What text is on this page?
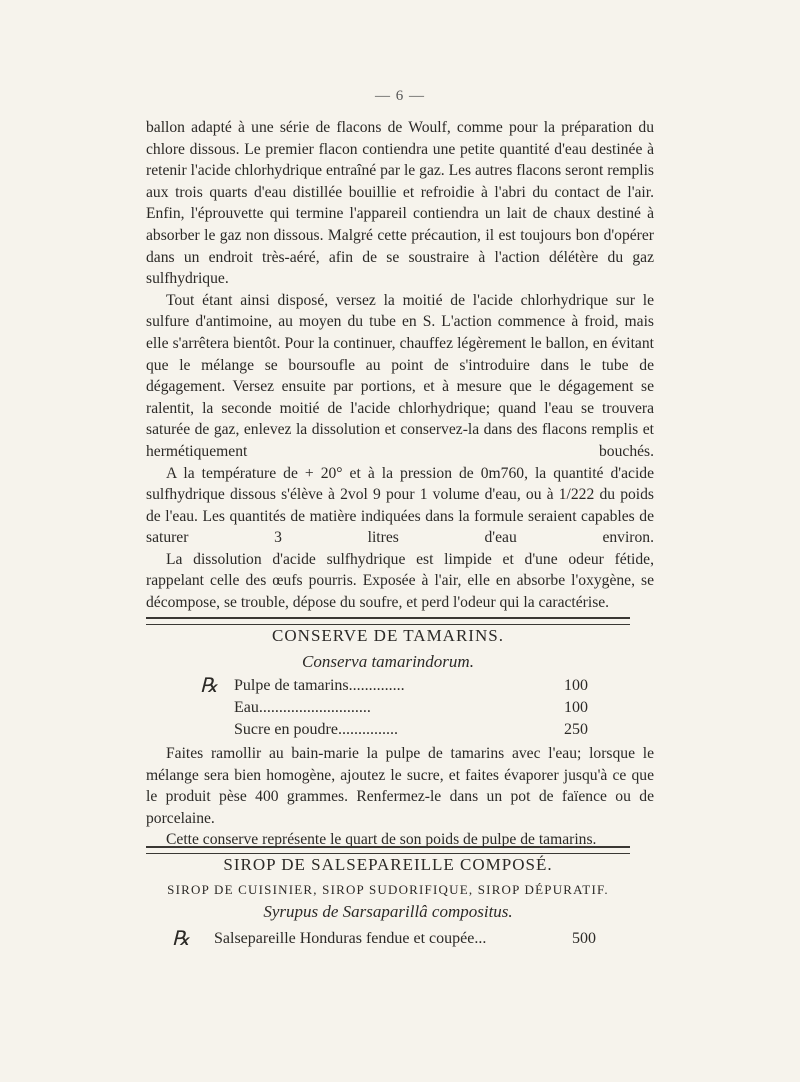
— 6 —

ballon adapté à une série de flacons de Woulf, comme pour la préparation du chlore dissous. Le premier flacon contiendra une petite quantité d'eau destinée à retenir l'acide chlorhydrique entraîné par le gaz. Les autres flacons seront remplis aux trois quarts d'eau distillée bouillie et refroidie à l'abri du contact de l'air. Enfin, l'éprouvette qui termine l'appareil contiendra un lait de chaux destiné à absorber le gaz non dissous. Malgré cette précaution, il est toujours bon d'opérer dans un endroit très-aéré, afin de se soustraire à l'action délétère du gaz sulfhydrique.

Tout étant ainsi disposé, versez la moitié de l'acide chlorhydrique sur le sulfure d'antimoine, au moyen du tube en S. L'action commence à froid, mais elle s'arrêtera bientôt. Pour la continuer, chauffez légèrement le ballon, en évitant que le mélange se boursoufle au point de s'introduire dans le tube de dégagement. Versez ensuite par portions, et à mesure que le dégagement se ralentit, la seconde moitié de l'acide chlorhydrique; quand l'eau se trouvera saturée de gaz, enlevez la dissolution et conservez-la dans des flacons remplis et hermétiquement bouchés.

A la température de + 20° et à la pression de 0m760, la quantité d'acide sulfhydrique dissous s'élève à 2vol 9 pour 1 volume d'eau, ou à 1/222 du poids de l'eau. Les quantités de matière indiquées dans la formule seraient capables de saturer 3 litres d'eau environ.

La dissolution d'acide sulfhydrique est limpide et d'une odeur fétide, rappelant celle des œufs pourris. Exposée à l'air, elle en absorbe l'oxygène, se décompose, se trouble, dépose du soufre, et perd l'odeur qui la caractérise.

CONSERVE DE TAMARINS.
Conserva tamarindorum.
℞ Pulpe de tamarins..............	100
Eau............................	100
Sucre en poudre...............	250

Faites ramollir au bain-marie la pulpe de tamarins avec l'eau; lorsque le mélange sera bien homogène, ajoutez le sucre, et faites évaporer jusqu'à ce que le produit pèse 400 grammes. Renfermez-le dans un pot de faïence ou de porcelaine.

Cette conserve représente le quart de son poids de pulpe de tamarins.

SIROP DE SALSEPAREILLE COMPOSÉ.
SIROP DE CUISINIER, SIROP SUDORIFIQUE, SIROP DÉPURATIF.
Syrupus de Sarsaparillâ compositus.
℞ Salsepareille Honduras fendue et coupée...	500
